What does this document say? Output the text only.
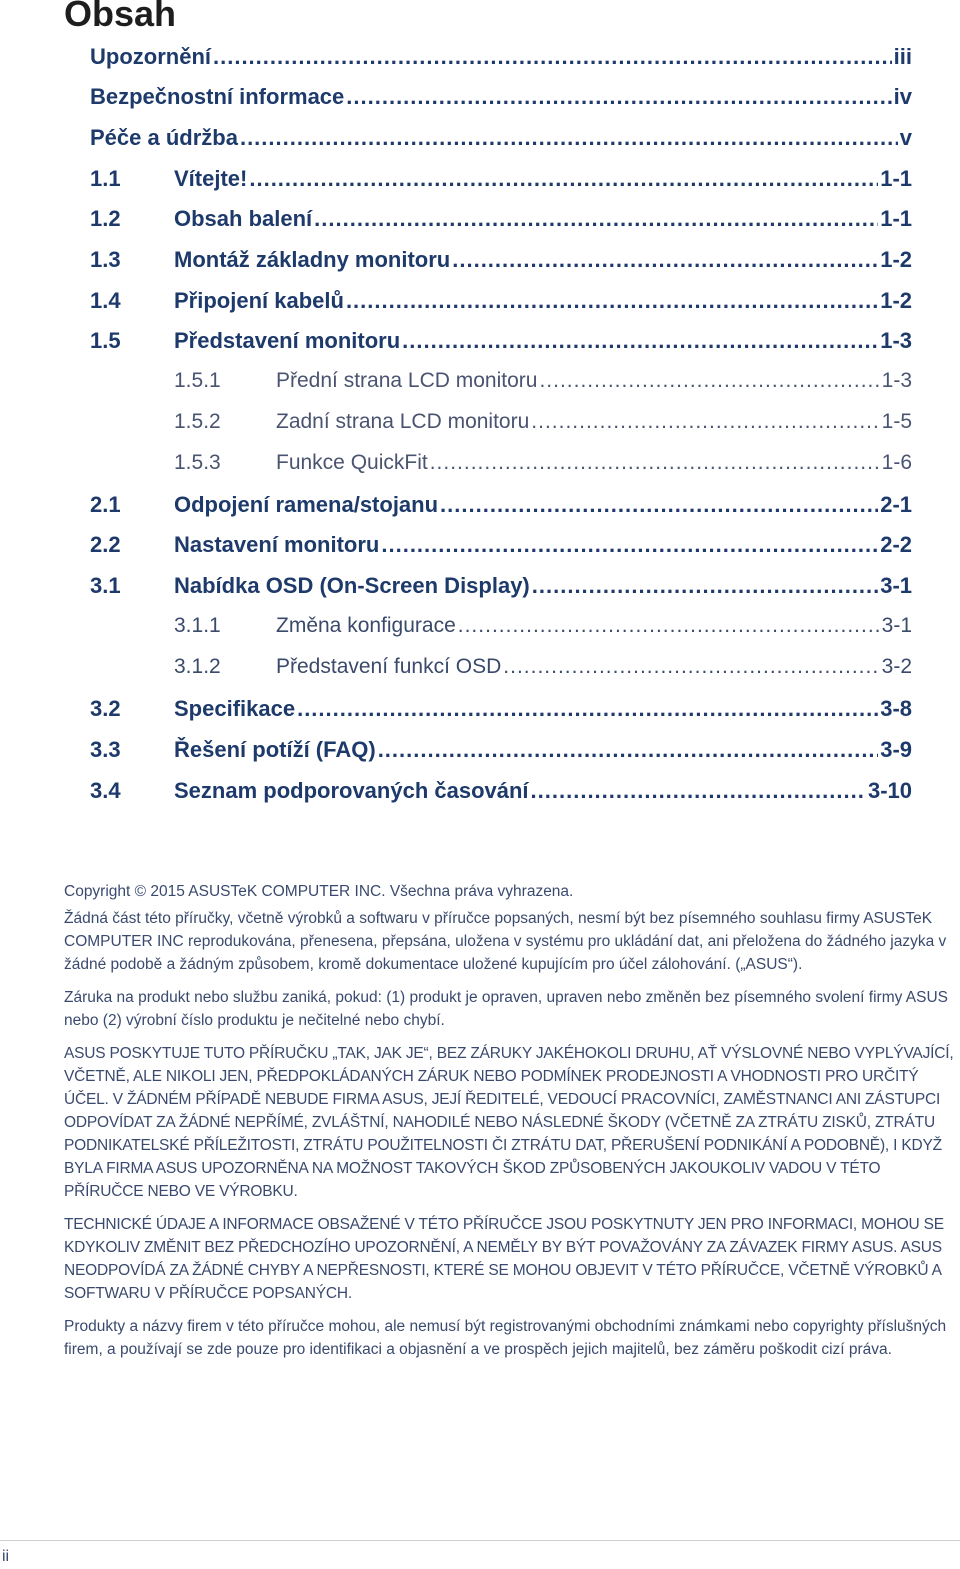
Obsah
Upozornění .....	iii
Bezpečnostní informace .....	iv
Péče a údržba .....	v
1.1	Vítejte! .....	1-1
1.2	Obsah balení .....	1-1
1.3	Montáž základny monitoru .....	1-2
1.4	Připojení kabelů .....	1-2
1.5	Představení monitoru .....	1-3
1.5.1	Přední strana LCD monitoru .....	1-3
1.5.2	Zadní strana LCD monitoru .....	1-5
1.5.3	Funkce QuickFit .....	1-6
2.1	Odpojení ramena/stojanu .....	2-1
2.2	Nastavení monitoru .....	2-2
3.1	Nabídka OSD (On-Screen Display) .....	3-1
3.1.1	Změna konfigurace .....	3-1
3.1.2	Představení funkcí OSD .....	3-2
3.2	Specifikace .....	3-8
3.3	Řešení potíží (FAQ) .....	3-9
3.4	Seznam podporovaných časování .....	3-10

Copyright © 2015 ASUSTeK COMPUTER INC. Všechna práva vyhrazena.

Žádná část této příručky, včetně výrobků a softwaru v příručce popsaných, nesmí být bez písemného souhlasu firmy ASUSTeK COMPUTER INC reprodukována, přenesena, přepsána, uložena v systému pro ukládání dat, ani přeložena do žádného jazyka v žádné podobě a žádným způsobem, kromě dokumentace uložené kupujícím pro účel zálohování. („ASUS“).

Záruka na produkt nebo službu zaniká, pokud: (1) produkt je opraven, upraven nebo změněn bez písemného svolení firmy ASUS nebo (2) výrobní číslo produktu je nečitelné nebo chybí.

ASUS POSKYTUJE TUTO PŘÍRUČKU „TAK, JAK JE“, BEZ ZÁRUKY JAKÉHOKOLI DRUHU, AŤ VÝSLOVNÉ NEBO VYPLÝVAJÍCÍ, VČETNĚ, ALE NIKOLI JEN, PŘEDPOKLÁDANÝCH ZÁRUK NEBO PODMÍNEK PRODEJNOSTI A VHODNOSTI PRO URČITÝ ÚČEL. V ŽÁDNÉM PŘÍPADĚ NEBUDE FIRMA ASUS, JEJÍ ŘEDITELÉ, VEDOUCÍ PRACOVNÍCI, ZAMĚSTNANCI ANI ZÁSTUPCI ODPOVÍDAT ZA ŽÁDNÉ NEPŘÍMÉ, ZVLÁŠTNÍ, NAHODILÉ NEBO NÁSLEDNÉ ŠKODY (VČETNĚ ZA ZTRÁTU ZISKŮ, ZTRÁTU PODNIKATELSKÉ PŘÍLEŽITOSTI, ZTRÁTU POUŽITELNOSTI ČI ZTRÁTU DAT, PŘERUŠENÍ PODNIKÁNÍ A PODOBNĚ), I KDYŽ BYLA FIRMA ASUS UPOZORNĚNA NA MOŽNOST TAKOVÝCH ŠKOD ZPŮSOBENÝCH JAKOUKOLIV VADOU V TÉTO PŘÍRUČCE NEBO VE VÝROBKU.

TECHNICKÉ ÚDAJE A INFORMACE OBSAŽENÉ V TÉTO PŘÍRUČCE JSOU POSKYTNUTY JEN PRO INFORMACI, MOHOU SE KDYKOLIV ZMĚNIT BEZ PŘEDCHOZÍHO UPOZORNĚNÍ, A NEMĚLY BY BÝT POVAŽOVÁNY ZA ZÁVAZEK FIRMY ASUS. ASUS NEODPOVÍDÁ ZA ŽÁDNÉ CHYBY A NEPŘESNOSTI, KTERÉ SE MOHOU OBJEVIT V TÉTO PŘÍRUČCE, VČETNĚ VÝROBKŮ A SOFTWARU V PŘÍRUČCE POPSANÝCH.

Produkty a názvy firem v této příručce mohou, ale nemusí být registrovanými obchodními známkami nebo copyrighty příslušných firem, a používají se zde pouze pro identifikaci a objasnění a ve prospěch jejich majitelů, bez záměru poškodit cizí práva.

ii
